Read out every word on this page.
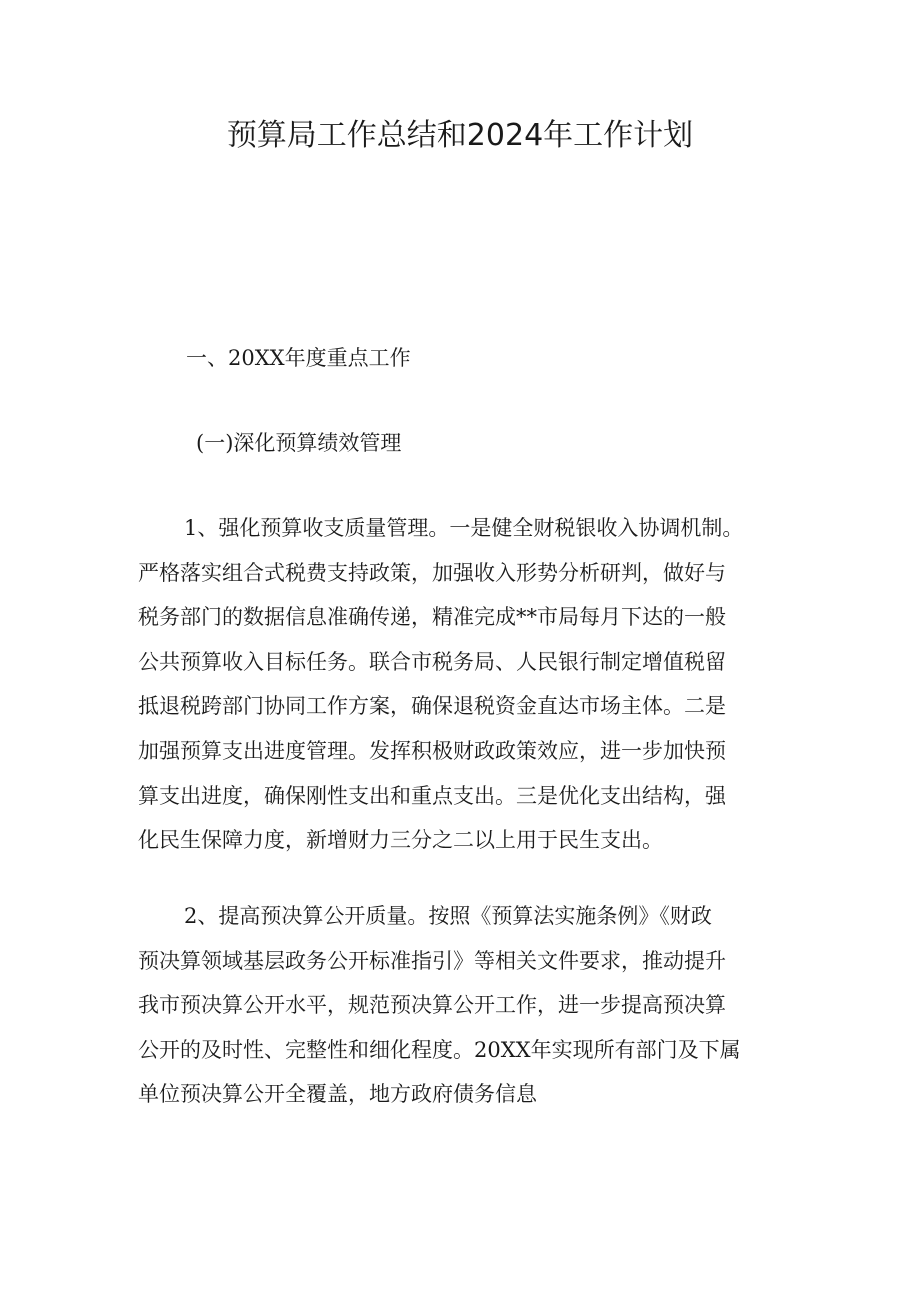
预算局工作总结和2024年工作计划

一、20XX年度重点工作

(一)深化预算绩效管理

1、强化预算收支质量管理。一是健全财税银收入协调机制。
严格落实组合式税费支持政策，加强收入形势分析研判，做好与
税务部门的数据信息准确传递，精准完成**市局每月下达的一般
公共预算收入目标任务。联合市税务局、人民银行制定增值税留
抵退税跨部门协同工作方案，确保退税资金直达市场主体。二是
加强预算支出进度管理。发挥积极财政政策效应，进一步加快预
算支出进度，确保刚性支出和重点支出。三是优化支出结构，强
化民生保障力度，新增财力三分之二以上用于民生支出。
2、提高预决算公开质量。按照《预算法实施条例》《财政
预决算领域基层政务公开标准指引》等相关文件要求，推动提升
我市预决算公开水平，规范预决算公开工作，进一步提高预决算
公开的及时性、完整性和细化程度。20XX年实现所有部门及下属
单位预决算公开全覆盖，地方政府债务信息
